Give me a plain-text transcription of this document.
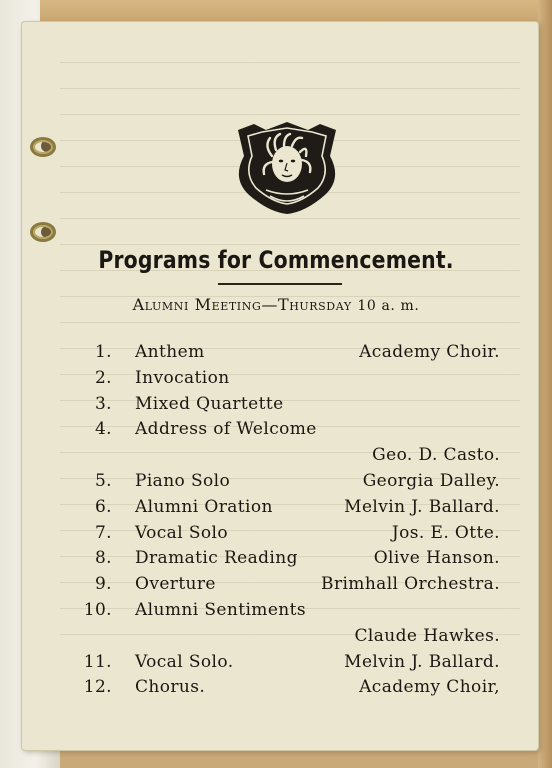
Programs for Commencement.
Alumni Meeting—Thursday 10 a. m.
1. Anthem	Academy Choir.
2. Invocation
3. Mixed Quartette
4. Address of Welcome
Geo. D. Casto.
5. Piano Solo	Georgia Dalley.
6. Alumni Oration	Melvin J. Ballard.
7. Vocal Solo	Jos. E. Otte.
8. Dramatic Reading	Olive Hanson.
9. Overture	Brimhall Orchestra.
10. Alumni Sentiments
Claude Hawkes.
11. Vocal Solo.	Melvin J. Ballard.
12. Chorus.	Academy Choir,
